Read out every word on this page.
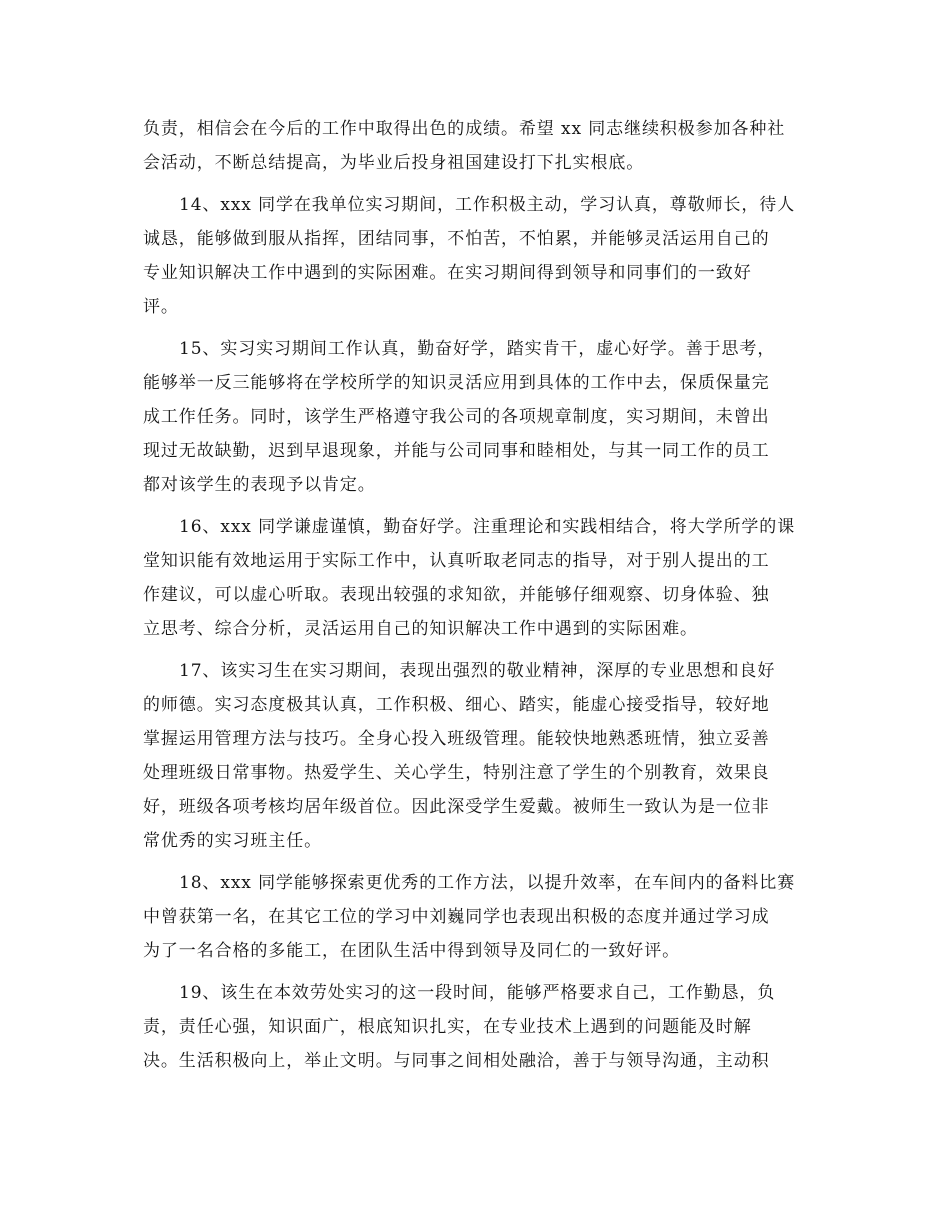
负责，相信会在今后的工作中取得出色的成绩。希望 xx 同志继续积极参加各种社
会活动，不断总结提高，为毕业后投身祖国建设打下扎实根底。
14、xxx 同学在我单位实习期间，工作积极主动，学习认真，尊敬师长，待人
诚恳，能够做到服从指挥，团结同事，不怕苦，不怕累，并能够灵活运用自己的
专业知识解决工作中遇到的实际困难。在实习期间得到领导和同事们的一致好
评。
15、实习实习期间工作认真，勤奋好学，踏实肯干，虚心好学。善于思考，
能够举一反三能够将在学校所学的知识灵活应用到具体的工作中去，保质保量完
成工作任务。同时，该学生严格遵守我公司的各项规章制度，实习期间，未曾出
现过无故缺勤，迟到早退现象，并能与公司同事和睦相处，与其一同工作的员工
都对该学生的表现予以肯定。
16、xxx 同学谦虚谨慎，勤奋好学。注重理论和实践相结合，将大学所学的课
堂知识能有效地运用于实际工作中，认真听取老同志的指导，对于别人提出的工
作建议，可以虚心听取。表现出较强的求知欲，并能够仔细观察、切身体验、独
立思考、综合分析，灵活运用自己的知识解决工作中遇到的实际困难。
17、该实习生在实习期间，表现出强烈的敬业精神，深厚的专业思想和良好
的师德。实习态度极其认真，工作积极、细心、踏实，能虚心接受指导，较好地
掌握运用管理方法与技巧。全身心投入班级管理。能较快地熟悉班情，独立妥善
处理班级日常事物。热爱学生、关心学生，特别注意了学生的个别教育，效果良
好，班级各项考核均居年级首位。因此深受学生爱戴。被师生一致认为是一位非
常优秀的实习班主任。
18、xxx 同学能够探索更优秀的工作方法，以提升效率，在车间内的备料比赛
中曾获第一名，在其它工位的学习中刘巍同学也表现出积极的态度并通过学习成
为了一名合格的多能工，在团队生活中得到领导及同仁的一致好评。
19、该生在本效劳处实习的这一段时间，能够严格要求自己，工作勤恳，负
责，责任心强，知识面广，根底知识扎实，在专业技术上遇到的问题能及时解
决。生活积极向上，举止文明。与同事之间相处融洽，善于与领导沟通，主动积
